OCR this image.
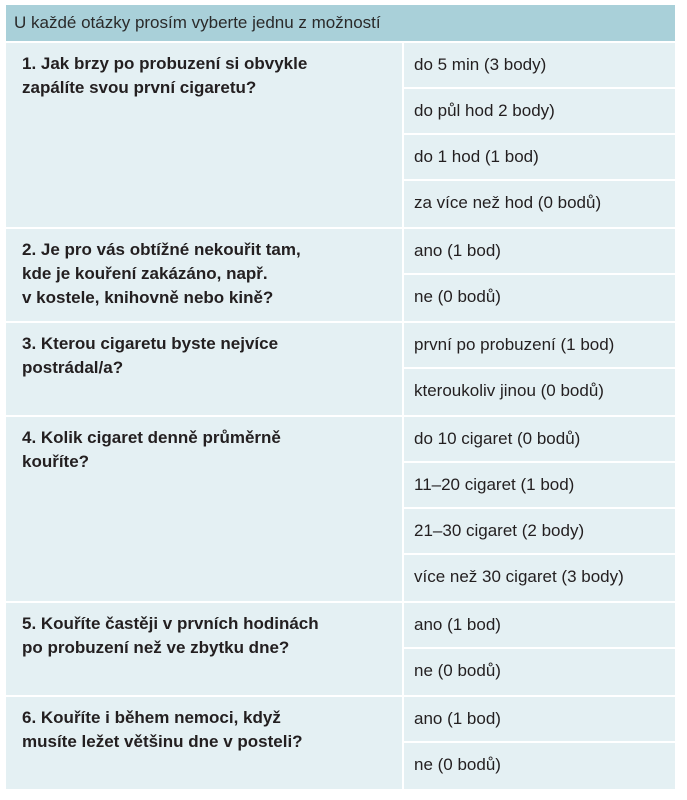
U každé otázky prosím vyberte jednu z možností
1. Jak brzy po probuzení si obvykle
zapálíte svou první cigaretu?
do 5 min (3 body)
do půl hod 2 body)
do 1 hod (1 bod)
za více než hod (0 bodů)
2. Je pro vás obtížné nekouřit tam,
kde je kouření zakázáno, např.
v kostele, knihovně nebo kině?
ano (1 bod)
ne (0 bodů)
3. Kterou cigaretu byste nejvíce
postrádal/a?
první po probuzení (1 bod)
kteroukoliv jinou (0 bodů)
4. Kolik cigaret denně průměrně
kouříte?
do 10 cigaret (0 bodů)
11–20 cigaret (1 bod)
21–30 cigaret (2 body)
více než 30 cigaret (3 body)
5. Kouříte častěji v prvních hodinách
po probuzení než ve zbytku dne?
ano (1 bod)
ne (0 bodů)
6. Kouříte i během nemoci, když
musíte ležet většinu dne v posteli?
ano (1 bod)
ne (0 bodů)
